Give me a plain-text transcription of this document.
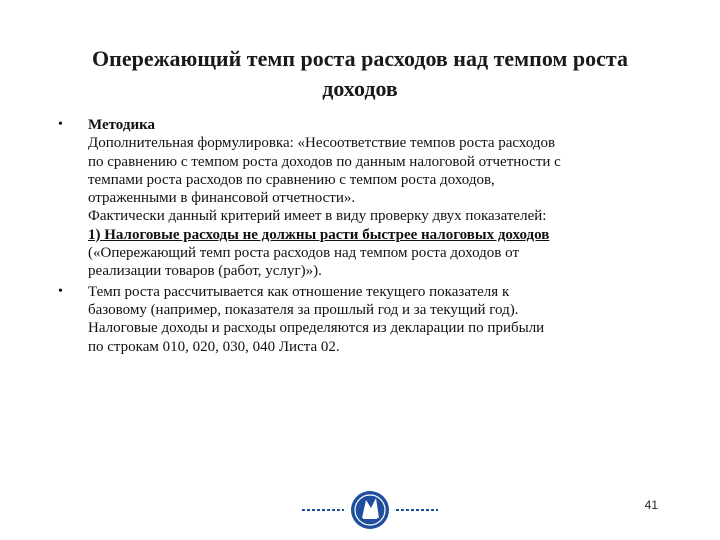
Опережающий темп роста расходов над темпом роста
доходов
• Методика
Дополнительная формулировка: «Несоответствие темпов роста расходов
по сравнению с темпом роста доходов по данным налоговой отчетности с
темпами роста расходов по сравнению с темпом роста доходов,
отраженными в финансовой отчетности».
Фактически данный критерий имеет в виду проверку двух показателей:
1) Налоговые расходы не должны расти быстрее налоговых доходов
(«Опережающий темп роста расходов над темпом роста доходов от
реализации товаров (работ, услуг)»).
• Темп роста рассчитывается как отношение текущего показателя к
базовому (например, показателя за прошлый год и за текущий год).
Налоговые доходы и расходы определяются из декларации по прибыли
по строкам 010, 020, 030, 040 Листа 02.
41
